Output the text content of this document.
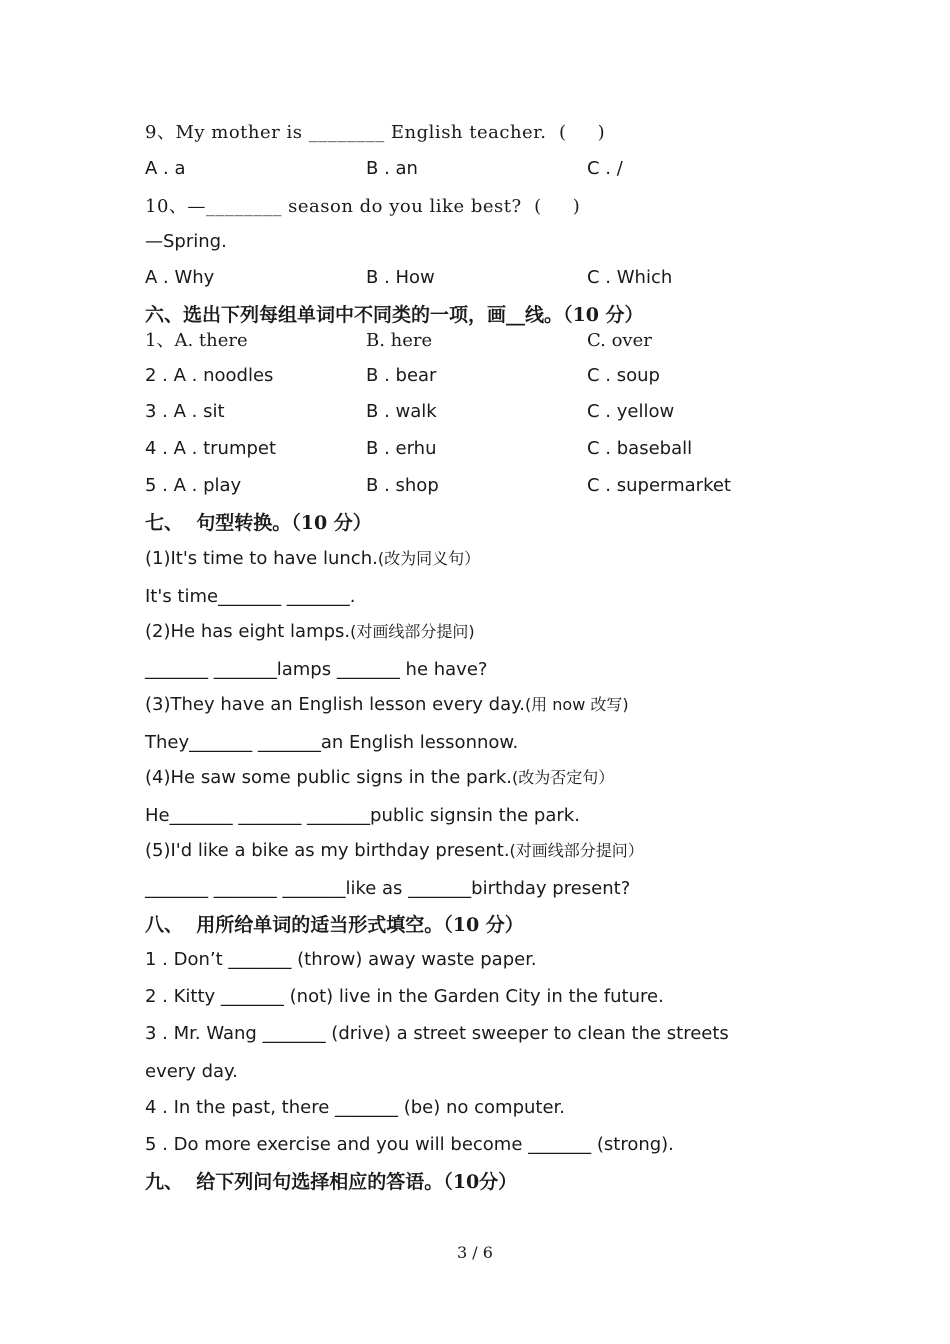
9、My mother is ________ English teacher.  (     )
A . a	B . an	C . /
10、—________ season do you like best?  (     )
—Spring.
A . Why	B . How	C . Which
六、选出下列每组单词中不同类的一项，画__线。（10 分）
1、A. there	B. here	C. over
2 . A . noodles	B . bear	C . soup
3 . A . sit	B . walk	C . yellow
4 . A . trumpet	B . erhu	C . baseball
5 . A . play	B . shop	C . supermarket
七、  句型转换。（10 分）
(1)It's time to have lunch.(改为同义句）
It's time_______ _______.
(2)He has eight lamps.(对画线部分提问)
_______ _______lamps _______ he have?
(3)They have an English lesson every day.(用 now 改写)
They_______ _______an English lessonnow.
(4)He saw some public signs in the park.(改为否定句）
He_______ _______ _______public signsin the park.
(5)I'd like a bike as my birthday present.(对画线部分提问）
_______ _______ _______like as _______birthday present?
八、  用所给单词的适当形式填空。（10 分）
1 . Don’t _______ (throw) away waste paper.
2 . Kitty _______ (not) live in the Garden City in the future.
3 . Mr. Wang _______ (drive) a street sweeper to clean the streets
every day.
4 . In the past, there _______ (be) no computer.
5 . Do more exercise and you will become _______ (strong).
九、  给下列问句选择相应的答语。（10分）
3 / 6
